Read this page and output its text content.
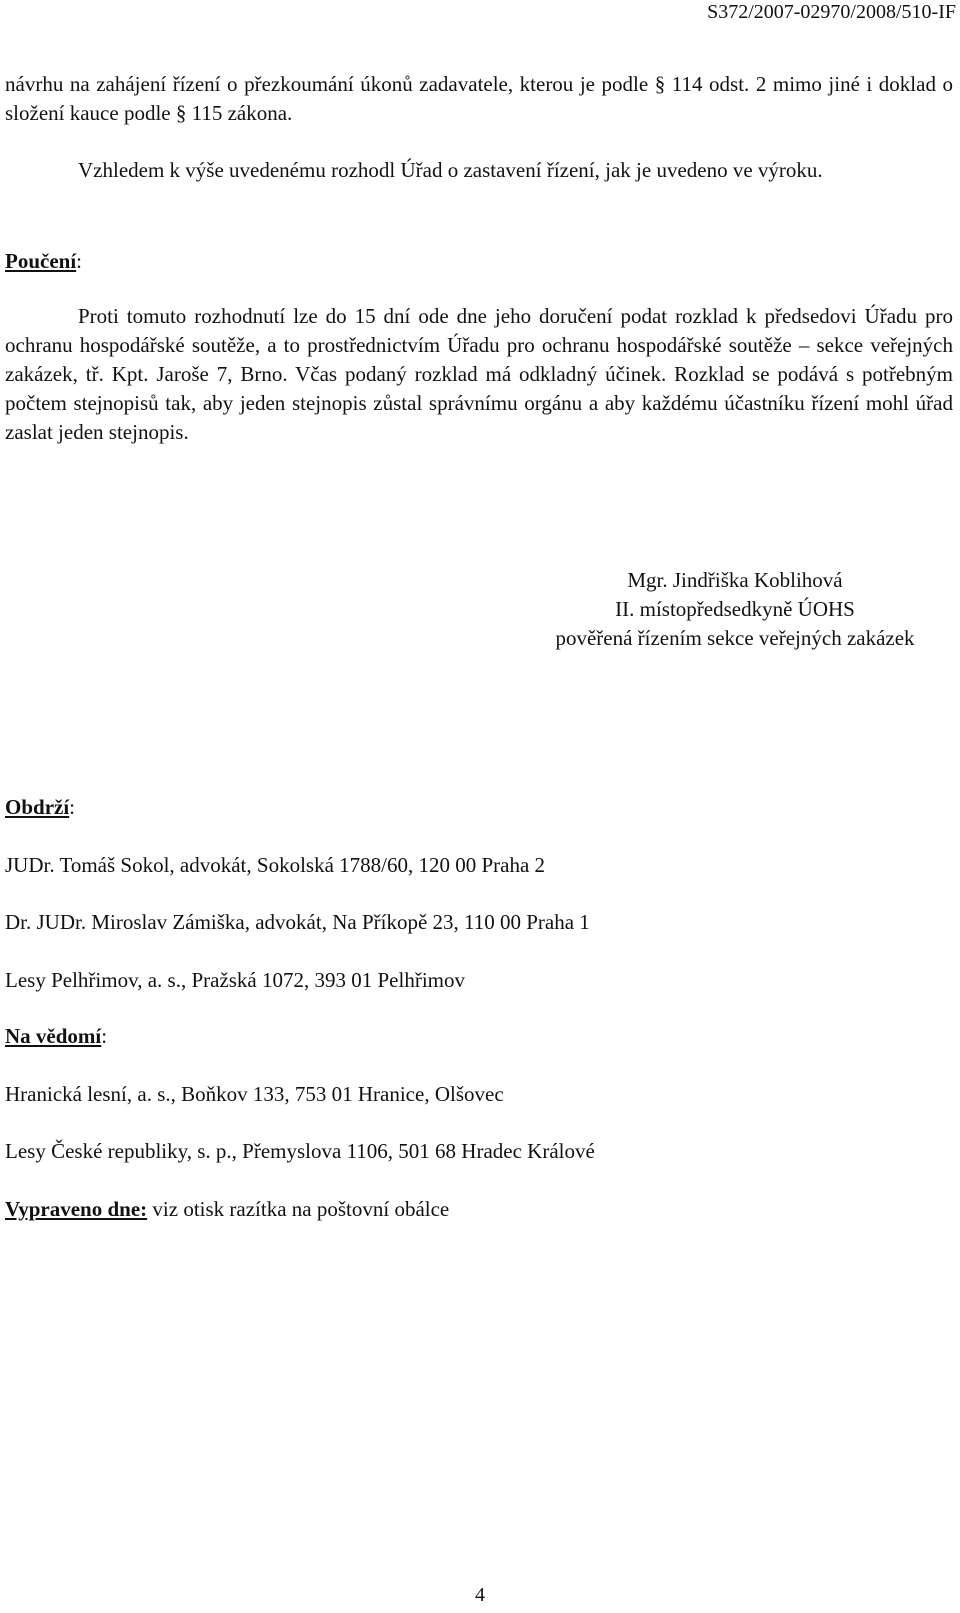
S372/2007-02970/2008/510-IF

návrhu na zahájení řízení o přezkoumání úkonů zadavatele, kterou je podle § 114 odst. 2 mimo jiné i doklad o složení kauce podle § 115 zákona.

Vzhledem k výše uvedenému rozhodl Úřad o zastavení řízení, jak je uvedeno ve výroku.

Poučení:

Proti tomuto rozhodnutí lze do 15 dní ode dne jeho doručení podat rozklad k předsedovi Úřadu pro ochranu hospodářské soutěže, a to prostřednictvím Úřadu pro ochranu hospodářské soutěže – sekce veřejných zakázek, tř. Kpt. Jaroše 7, Brno. Včas podaný rozklad má odkladný účinek. Rozklad se podává s potřebným počtem stejnopisů tak, aby jeden stejnopis zůstal správnímu orgánu a aby každému účastníku řízení mohl úřad zaslat jeden stejnopis.

Mgr. Jindřiška Koblihová
II. místopředsedkyně ÚOHS
pověřená řízením sekce veřejných zakázek

Obdrží:

JUDr. Tomáš Sokol, advokát, Sokolská 1788/60, 120 00 Praha 2
Dr. JUDr. Miroslav Zámiška, advokát, Na Příkopě 23, 110 00 Praha 1
Lesy Pelhřimov, a. s., Pražská 1072, 393 01 Pelhřimov

Na vědomí:

Hranická lesní, a. s., Boňkov 133, 753 01 Hranice, Olšovec
Lesy České republiky, s. p., Přemyslova 1106, 501 68 Hradec Králové

Vypraveno dne: viz otisk razítka na poštovní obálce

4
